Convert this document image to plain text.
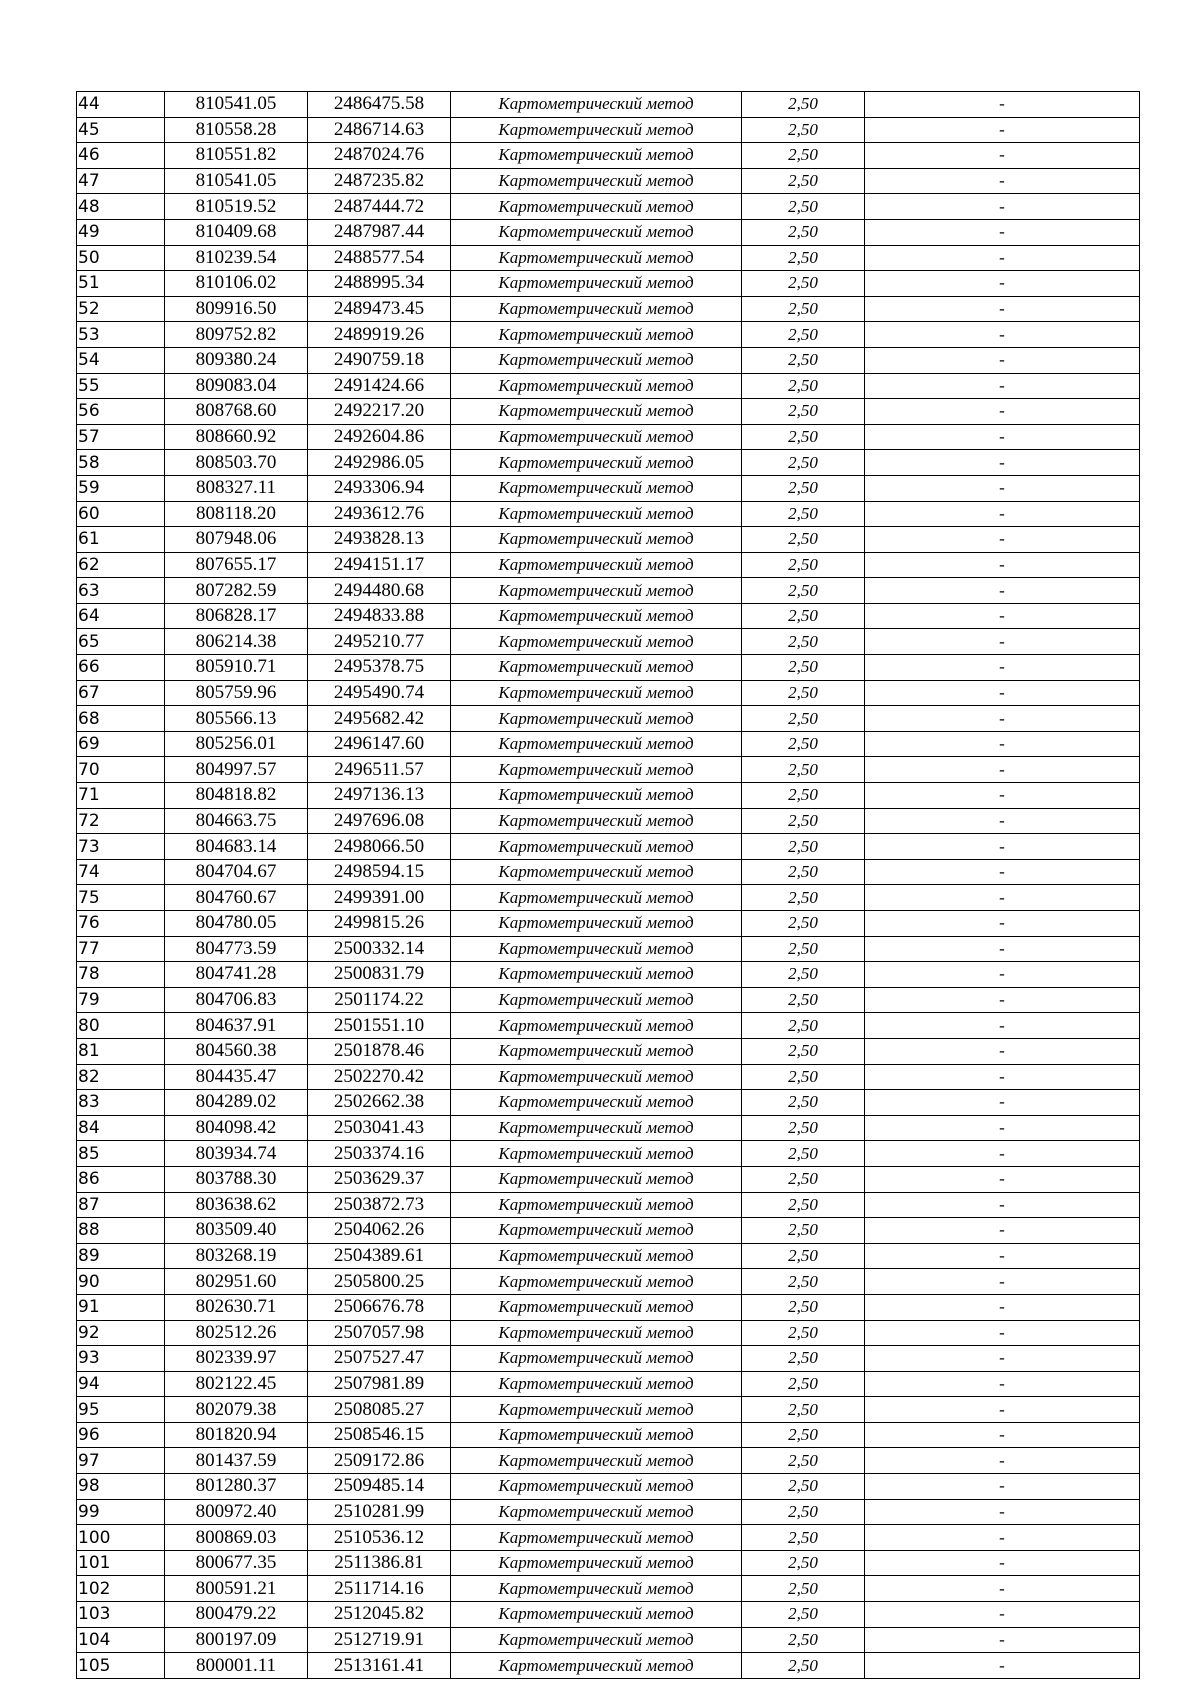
44	810541.05	2486475.58	Картометрический метод	2,50	-
45	810558.28	2486714.63	Картометрический метод	2,50	-
46	810551.82	2487024.76	Картометрический метод	2,50	-
47	810541.05	2487235.82	Картометрический метод	2,50	-
48	810519.52	2487444.72	Картометрический метод	2,50	-
49	810409.68	2487987.44	Картометрический метод	2,50	-
50	810239.54	2488577.54	Картометрический метод	2,50	-
51	810106.02	2488995.34	Картометрический метод	2,50	-
52	809916.50	2489473.45	Картометрический метод	2,50	-
53	809752.82	2489919.26	Картометрический метод	2,50	-
54	809380.24	2490759.18	Картометрический метод	2,50	-
55	809083.04	2491424.66	Картометрический метод	2,50	-
56	808768.60	2492217.20	Картометрический метод	2,50	-
57	808660.92	2492604.86	Картометрический метод	2,50	-
58	808503.70	2492986.05	Картометрический метод	2,50	-
59	808327.11	2493306.94	Картометрический метод	2,50	-
60	808118.20	2493612.76	Картометрический метод	2,50	-
61	807948.06	2493828.13	Картометрический метод	2,50	-
62	807655.17	2494151.17	Картометрический метод	2,50	-
63	807282.59	2494480.68	Картометрический метод	2,50	-
64	806828.17	2494833.88	Картометрический метод	2,50	-
65	806214.38	2495210.77	Картометрический метод	2,50	-
66	805910.71	2495378.75	Картометрический метод	2,50	-
67	805759.96	2495490.74	Картометрический метод	2,50	-
68	805566.13	2495682.42	Картометрический метод	2,50	-
69	805256.01	2496147.60	Картометрический метод	2,50	-
70	804997.57	2496511.57	Картометрический метод	2,50	-
71	804818.82	2497136.13	Картометрический метод	2,50	-
72	804663.75	2497696.08	Картометрический метод	2,50	-
73	804683.14	2498066.50	Картометрический метод	2,50	-
74	804704.67	2498594.15	Картометрический метод	2,50	-
75	804760.67	2499391.00	Картометрический метод	2,50	-
76	804780.05	2499815.26	Картометрический метод	2,50	-
77	804773.59	2500332.14	Картометрический метод	2,50	-
78	804741.28	2500831.79	Картометрический метод	2,50	-
79	804706.83	2501174.22	Картометрический метод	2,50	-
80	804637.91	2501551.10	Картометрический метод	2,50	-
81	804560.38	2501878.46	Картометрический метод	2,50	-
82	804435.47	2502270.42	Картометрический метод	2,50	-
83	804289.02	2502662.38	Картометрический метод	2,50	-
84	804098.42	2503041.43	Картометрический метод	2,50	-
85	803934.74	2503374.16	Картометрический метод	2,50	-
86	803788.30	2503629.37	Картометрический метод	2,50	-
87	803638.62	2503872.73	Картометрический метод	2,50	-
88	803509.40	2504062.26	Картометрический метод	2,50	-
89	803268.19	2504389.61	Картометрический метод	2,50	-
90	802951.60	2505800.25	Картометрический метод	2,50	-
91	802630.71	2506676.78	Картометрический метод	2,50	-
92	802512.26	2507057.98	Картометрический метод	2,50	-
93	802339.97	2507527.47	Картометрический метод	2,50	-
94	802122.45	2507981.89	Картометрический метод	2,50	-
95	802079.38	2508085.27	Картометрический метод	2,50	-
96	801820.94	2508546.15	Картометрический метод	2,50	-
97	801437.59	2509172.86	Картометрический метод	2,50	-
98	801280.37	2509485.14	Картометрический метод	2,50	-
99	800972.40	2510281.99	Картометрический метод	2,50	-
100	800869.03	2510536.12	Картометрический метод	2,50	-
101	800677.35	2511386.81	Картометрический метод	2,50	-
102	800591.21	2511714.16	Картометрический метод	2,50	-
103	800479.22	2512045.82	Картометрический метод	2,50	-
104	800197.09	2512719.91	Картометрический метод	2,50	-
105	800001.11	2513161.41	Картометрический метод	2,50	-
